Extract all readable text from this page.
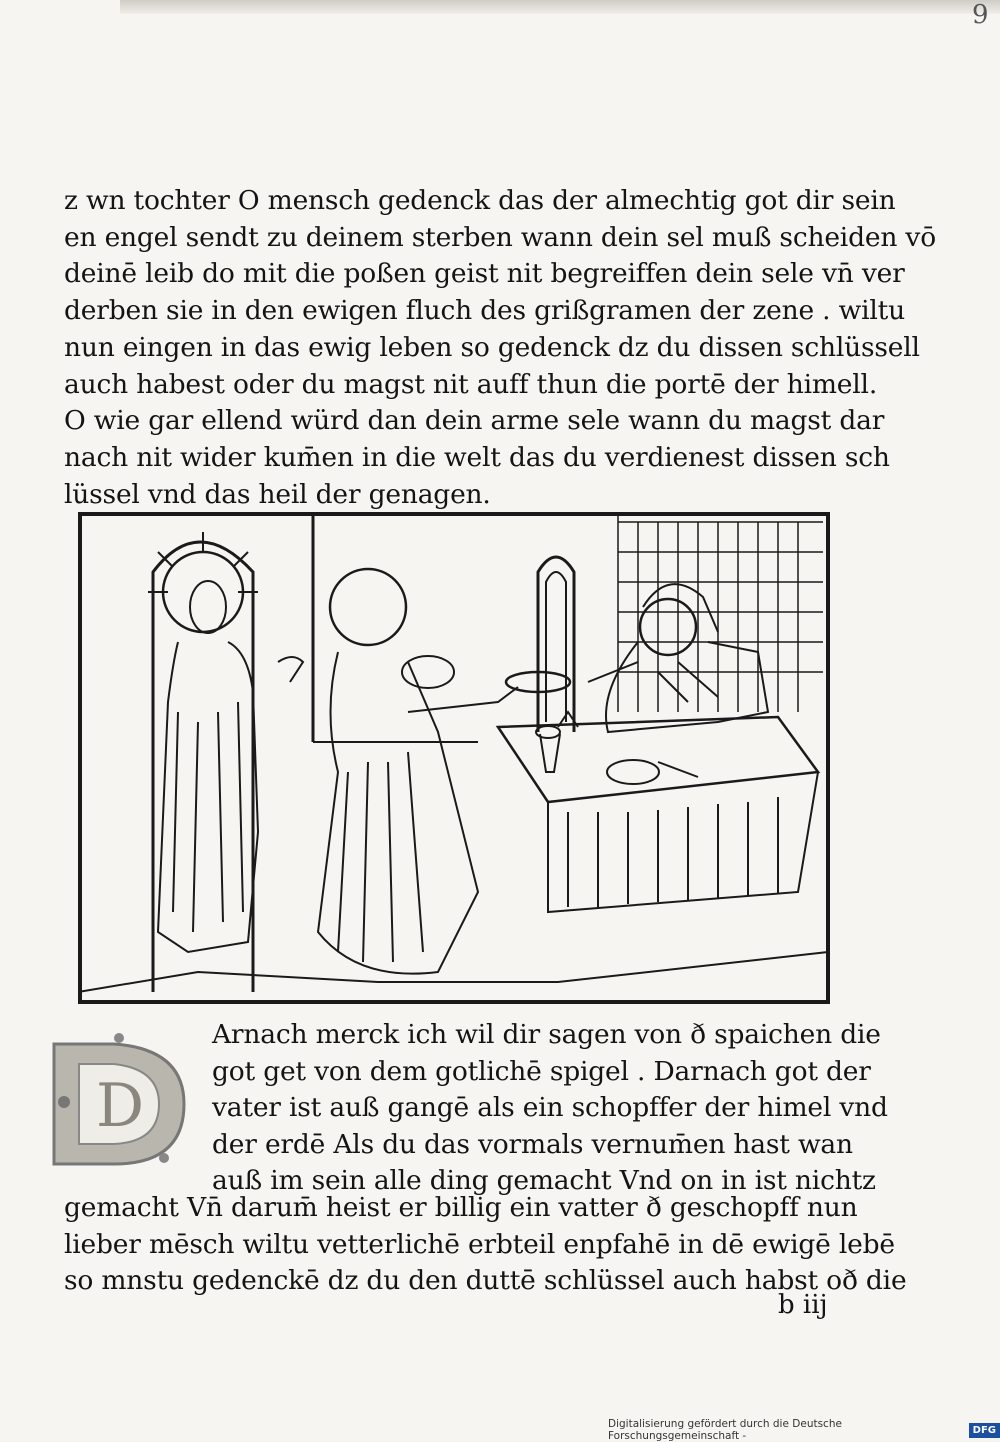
9
z wn tochter O mensch gedenck das der almechtig got dir sein
en engel sendt zu deinem sterben wann dein sel muß scheiden vō
deinē leib do mit die poßen geist nit begreiffen dein sele vn̄ ver
derben sie in den ewigen fluch des grißgramen der zene . wiltu
nun eingen in das ewig leben so gedenck dz du dissen schlüssell
auch habest oder du magst nit auff thun die portē der himell.
O wie gar ellend würd dan dein arme sele wann du magst dar
nach nit wider kum̄en in die welt das du verdienest dissen sch
lüssel vnd das heil der genagen.
D
Arnach merck ich wil dir sagen von ð spaichen die
got get von dem gotlichē spigel . Darnach got der
vater ist auß gangē als ein schopffer der himel vnd
der erdē Als du das vormals vernum̄en hast wan
auß im sein alle ding gemacht Vnd on in ist nichtz
gemacht Vn̄ darum̄ heist er billig ein vatter ð geschopff nun
lieber mēsch wiltu vetterlichē erbteil enpfahē in dē ewigē lebē
so mnstu gedenckē dz du den duttē schlüssel auch habst oð die
b iij
Digitalisierung gefördert durch die Deutsche Forschungsgemeinschaft -	DFG
